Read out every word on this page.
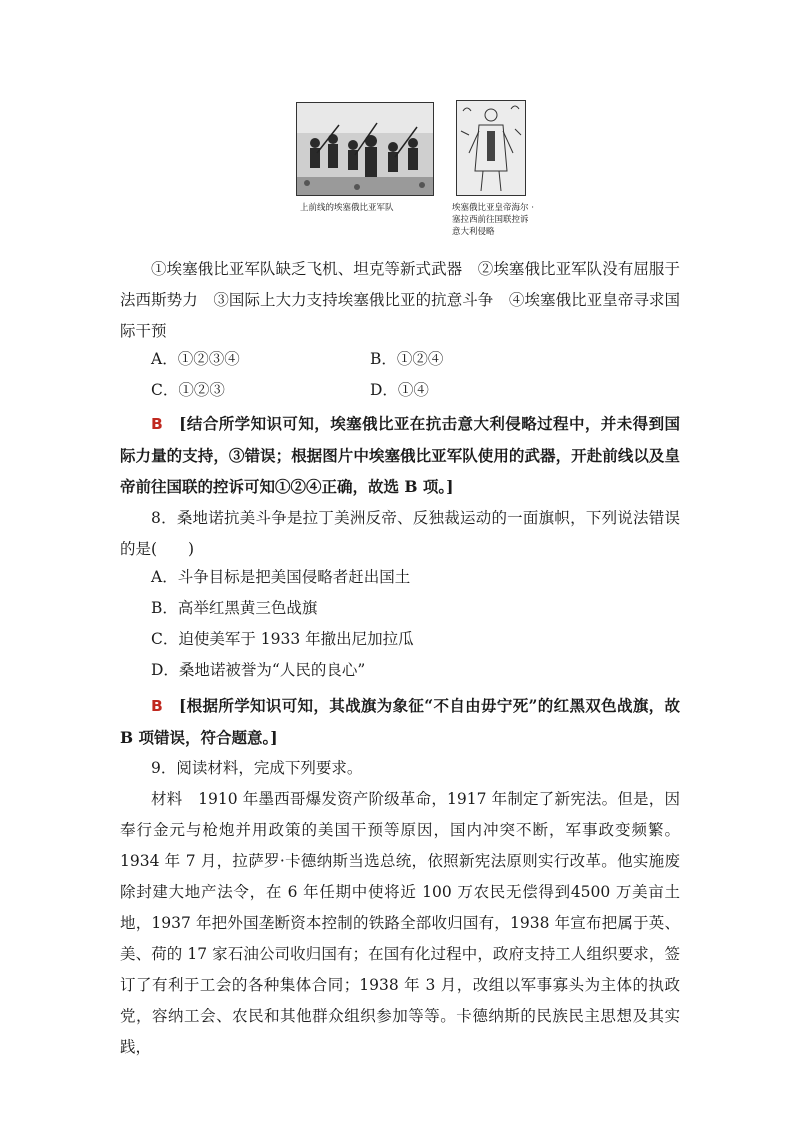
上前线的埃塞俄比亚军队	埃塞俄比亚皇帝海尔 · 塞拉西前往国联控诉意大利侵略
①埃塞俄比亚军队缺乏飞机、坦克等新式武器　②埃塞俄比亚军队没有屈服于法西斯势力　③国际上大力支持埃塞俄比亚的抗意斗争　④埃塞俄比亚皇帝寻求国际干预
A．①②③④	B．①②④
C．①②③	D．①④
B　 [结合所学知识可知，埃塞俄比亚在抗击意大利侵略过程中，并未得到国际力量的支持，③错误；根据图片中埃塞俄比亚军队使用的武器，开赴前线以及皇帝前往国联的控诉可知①②④正确，故选 B 项。]
8．桑地诺抗美斗争是拉丁美洲反帝、反独裁运动的一面旗帜，下列说法错误的是(　　)
A．斗争目标是把美国侵略者赶出国土
B．高举红黑黄三色战旗
C．迫使美军于 1933 年撤出尼加拉瓜
D．桑地诺被誉为“人民的良心”
B　 [根据所学知识可知，其战旗为象征“不自由毋宁死”的红黑双色战旗，故 B 项错误，符合题意。]
9．阅读材料，完成下列要求。
材料　 1910 年墨西哥爆发资产阶级革命，1917 年制定了新宪法。但是，因奉行金元与枪炮并用政策的美国干预等原因，国内冲突不断，军事政变频繁。1934 年 7 月，拉萨罗·卡德纳斯当选总统，依照新宪法原则实行改革。他实施废除封建大地产法令，在 6 年任期中使将近 100 万农民无偿得到4500 万美亩土地，1937 年把外国垄断资本控制的铁路全部收归国有，1938 年宣布把属于英、美、荷的 17 家石油公司收归国有；在国有化过程中，政府支持工人组织要求，签订了有利于工会的各种集体合同；1938 年 3 月，改组以军事寡头为主体的执政党，容纳工会、农民和其他群众组织参加等等。卡德纳斯的民族民主思想及其实践，
